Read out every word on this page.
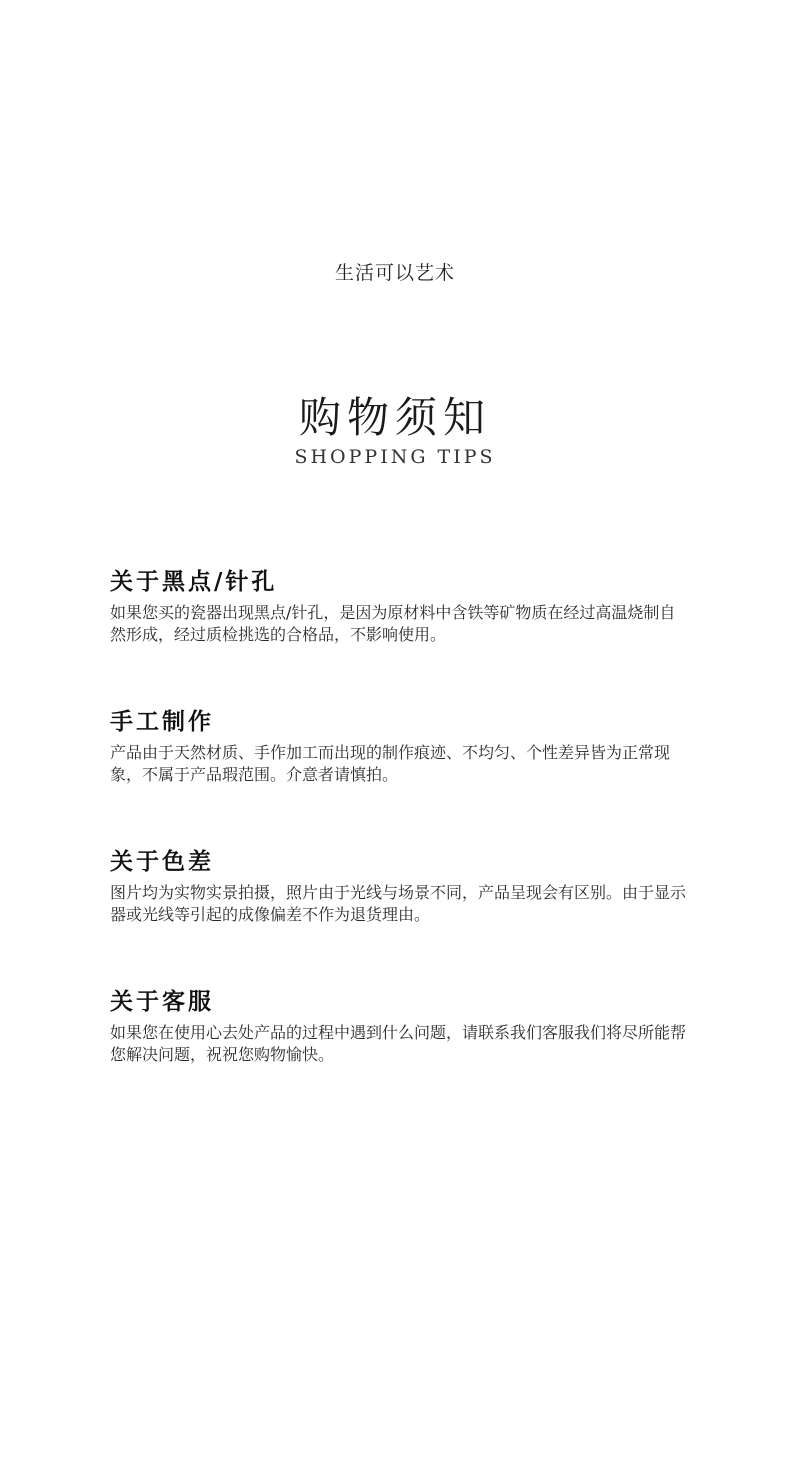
生活可以艺术
购物须知
SHOPPING TIPS
关于黑点/针孔
如果您买的瓷器出现黑点/针孔，是因为原材料中含铁等矿物质在经过高温烧制自然形成，经过质检挑选的合格品，不影响使用。
手工制作
产品由于天然材质、手作加工而出现的制作痕迹、不均匀、个性差异皆为正常现象，不属于产品瑕范围。介意者请慎拍。
关于色差
图片均为实物实景拍摄，照片由于光线与场景不同，产品呈现会有区别。由于显示器或光线等引起的成像偏差不作为退货理由。
关于客服
如果您在使用心去处产品的过程中遇到什么问题，请联系我们客服我们将尽所能帮您解决问题，祝祝您购物愉快。
